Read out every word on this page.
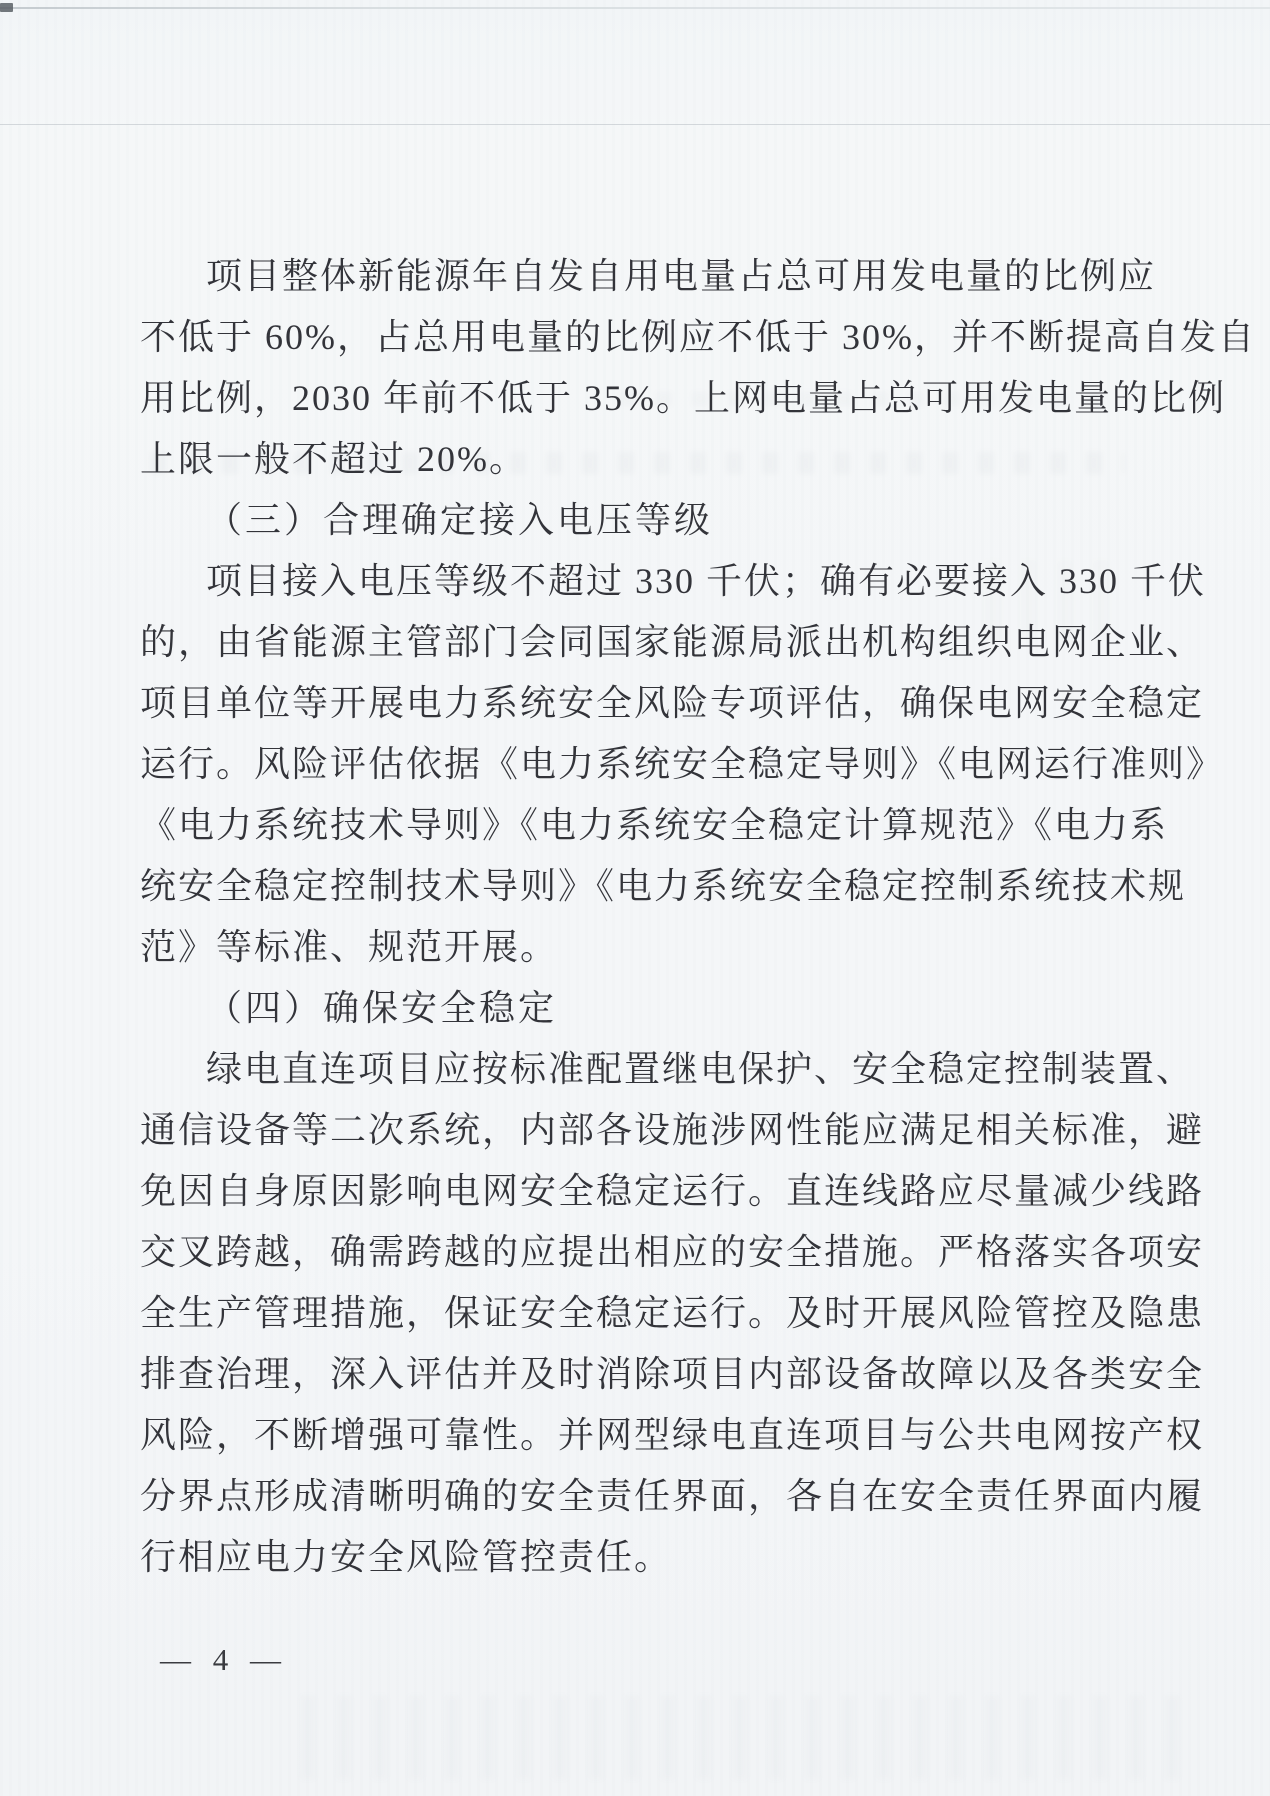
项目整体新能源年自发自用电量占总可用发电量的比例应
不低于 60%，占总用电量的比例应不低于 30%，并不断提高自发自
用比例，2030 年前不低于 35%。上网电量占总可用发电量的比例
上限一般不超过 20%。
（三）合理确定接入电压等级
项目接入电压等级不超过 330 千伏；确有必要接入 330 千伏
的，由省能源主管部门会同国家能源局派出机构组织电网企业、
项目单位等开展电力系统安全风险专项评估，确保电网安全稳定
运行。风险评估依据《电力系统安全稳定导则》《电网运行准则》
《电力系统技术导则》《电力系统安全稳定计算规范》《电力系
统安全稳定控制技术导则》《电力系统安全稳定控制系统技术规
范》等标准、规范开展。
（四）确保安全稳定
绿电直连项目应按标准配置继电保护、安全稳定控制装置、
通信设备等二次系统，内部各设施涉网性能应满足相关标准，避
免因自身原因影响电网安全稳定运行。直连线路应尽量减少线路
交叉跨越，确需跨越的应提出相应的安全措施。严格落实各项安
全生产管理措施，保证安全稳定运行。及时开展风险管控及隐患
排查治理，深入评估并及时消除项目内部设备故障以及各类安全
风险，不断增强可靠性。并网型绿电直连项目与公共电网按产权
分界点形成清晰明确的安全责任界面，各自在安全责任界面内履
行相应电力安全风险管控责任。
— 4 —
